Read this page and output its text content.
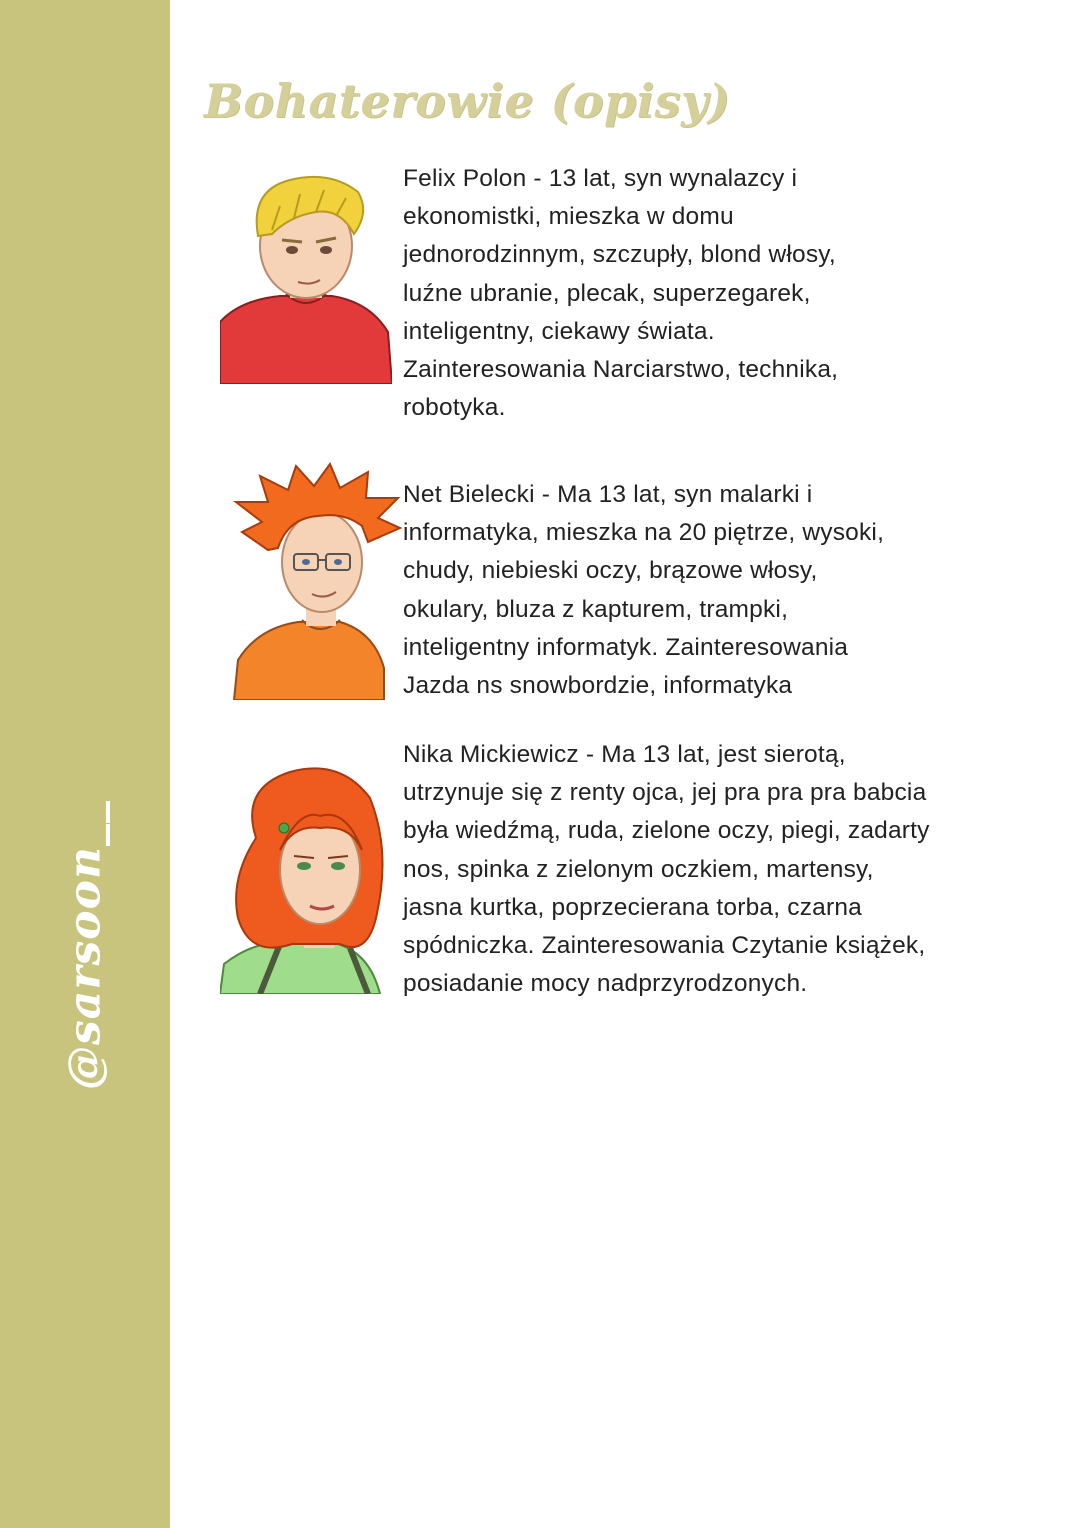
@sarsoon__
Bohaterowie (opisy)
Felix Polon - 13 lat, syn wynalazcy i
ekonomistki, mieszka w domu
jednorodzinnym, szczupły, blond włosy,
luźne ubranie, plecak, superzegarek,
inteligentny, ciekawy świata.
Zainteresowania Narciarstwo, technika,
robotyka.
Net Bielecki - Ma 13 lat, syn malarki i
informatyka, mieszka na 20 piętrze, wysoki,
chudy, niebieski oczy, brązowe włosy,
okulary, bluza z kapturem, trampki,
inteligentny informatyk. Zainteresowania
Jazda ns snowbordzie, informatyka
Nika Mickiewicz - Ma 13 lat, jest sierotą,
utrzynuje się z renty ojca, jej pra pra pra babcia
była wiedźmą, ruda, zielone oczy, piegi, zadarty
nos, spinka z zielonym oczkiem, martensy,
jasna kurtka, poprzecierana torba, czarna
spódniczka. Zainteresowania Czytanie książek,
posiadanie mocy nadprzyrodzonych.
